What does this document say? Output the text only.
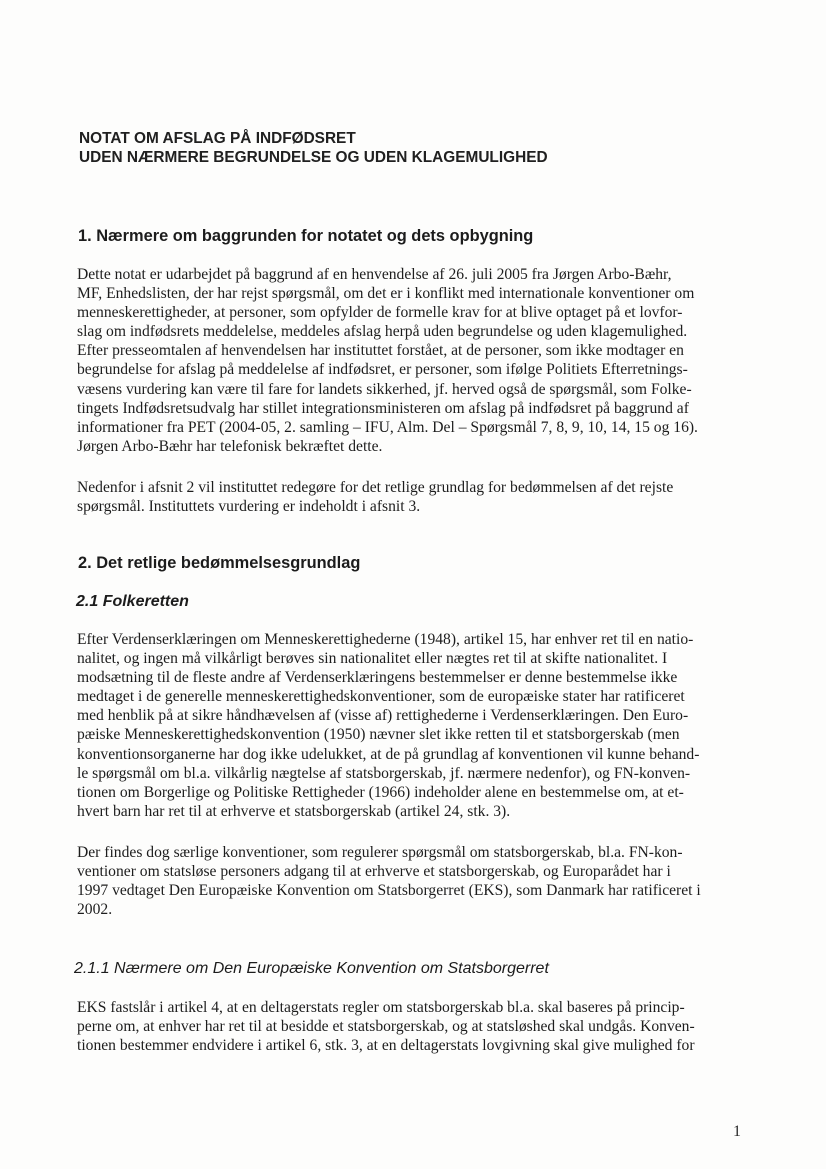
NOTAT OM AFSLAG PÅ INDFØDSRET
UDEN NÆRMERE BEGRUNDELSE OG UDEN KLAGEMULIGHED
1. Nærmere om baggrunden for notatet og dets opbygning
Dette notat er udarbejdet på baggrund af en henvendelse af 26. juli 2005 fra Jørgen Arbo-Bæhr,
MF, Enhedslisten, der har rejst spørgsmål, om det er i konflikt med internationale konventioner om
menneskerettigheder, at personer, som opfylder de formelle krav for at blive optaget på et lovfor-
slag om indfødsrets meddelelse, meddeles afslag herpå uden begrundelse og uden klagemulighed.
Efter presseomtalen af henvendelsen har instituttet forstået, at de personer, som ikke modtager en
begrundelse for afslag på meddelelse af indfødsret, er personer, som ifølge Politiets Efterretnings-
væsens vurdering kan være til fare for landets sikkerhed, jf. herved også de spørgsmål, som Folke-
tingets Indfødsretsudvalg har stillet integrationsministeren om afslag på indfødsret på baggrund af
informationer fra PET (2004-05, 2. samling – IFU, Alm. Del – Spørgsmål 7, 8, 9, 10, 14, 15 og 16).
Jørgen Arbo-Bæhr har telefonisk bekræftet dette.
Nedenfor i afsnit 2 vil instituttet redegøre for det retlige grundlag for bedømmelsen af det rejste
spørgsmål. Instituttets vurdering er indeholdt i afsnit 3.
2. Det retlige bedømmelsesgrundlag
2.1 Folkeretten
Efter Verdenserklæringen om Menneskerettighederne (1948), artikel 15, har enhver ret til en natio-
nalitet, og ingen må vilkårligt berøves sin nationalitet eller nægtes ret til at skifte nationalitet. I
modsætning til de fleste andre af Verdenserklæringens bestemmelser er denne bestemmelse ikke
medtaget i de generelle menneskerettighedskonventioner, som de europæiske stater har ratificeret
med henblik på at sikre håndhævelsen af (visse af) rettighederne i Verdenserklæringen. Den Euro-
pæiske Menneskerettighedskonvention (1950) nævner slet ikke retten til et statsborgerskab (men
konventionsorganerne har dog ikke udelukket, at de på grundlag af konventionen vil kunne behand-
le spørgsmål om bl.a. vilkårlig nægtelse af statsborgerskab, jf. nærmere nedenfor), og FN-konven-
tionen om Borgerlige og Politiske Rettigheder (1966) indeholder alene en bestemmelse om, at et-
hvert barn har ret til at erhverve et statsborgerskab (artikel 24, stk. 3).
Der findes dog særlige konventioner, som regulerer spørgsmål om statsborgerskab, bl.a. FN-kon-
ventioner om statsløse personers adgang til at erhverve et statsborgerskab, og Europarådet har i
1997 vedtaget Den Europæiske Konvention om Statsborgerret (EKS), som Danmark har ratificeret i
2002.
2.1.1 Nærmere om Den Europæiske Konvention om Statsborgerret
EKS fastslår i artikel 4, at en deltagerstats regler om statsborgerskab bl.a. skal baseres på princip-
perne om, at enhver har ret til at besidde et statsborgerskab, og at statsløshed skal undgås. Konven-
tionen bestemmer endvidere i artikel 6, stk. 3, at en deltagerstats lovgivning skal give mulighed for
1
